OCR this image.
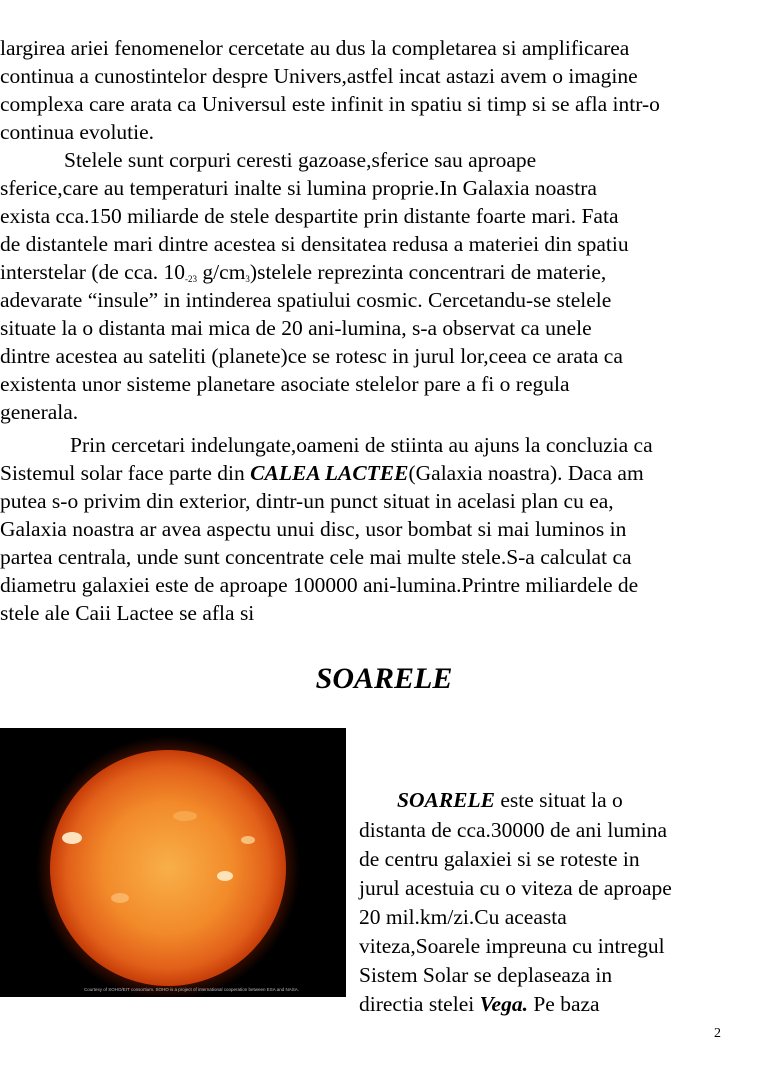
largirea ariei fenomenelor cercetate au dus la completarea si amplificarea

continua a cunostintelor despre Univers,astfel incat astazi avem o imagine

complexa care arata ca Universul este infinit in spatiu si timp si se afla intr-o

continua evolutie.

Stelele sunt corpuri ceresti gazoase,sferice sau aproape

sferice,care au temperaturi inalte si lumina proprie.In Galaxia noastra

exista cca.150 miliarde de stele despartite prin distante foarte mari. Fata

de distantele mari dintre acestea si densitatea redusa a materiei din spatiu

interstelar (de cca. $10_{-23}$ $g/cm_3)stelele$ reprezinta concentrari de materie,

adevarate “insule” in intinderea spatiului cosmic. Cercetandu-se stelele

situate la o distanta mai mica de 20 ani-lumina, s-a observat ca unele

dintre acestea au sateliti (planete)ce se rotesc in jurul lor,ceea ce arata ca

existenta unor sisteme planetare asociate stelelor pare a fi o regula

generala.

Prin cercetari indelungate,oameni de stiinta au ajuns la concluzia ca

Sistemul solar face parte din CALEA LACTEE(Galaxia noastra). Daca am

putea s-o privim din exterior, dintr-un punct situat in acelasi plan cu ea,

Galaxia noastra ar avea aspectu unui disc, usor bombat si mai luminos in

partea centrala, unde sunt concentrate cele mai multe stele.S-a calculat ca

diametru galaxiei este de aproape 100000 ani-lumina.Printre miliardele de

stele ale Caii Lactee se afla si

SOAREL​E
Courtesy of SOHO/EIT consortium. SOHO is a project of international cooperation between ESA and NASA.

SOARELE este situat la o

distanta de cca.30000 de ani lumina

de centru galaxiei si se roteste in

jurul acestuia cu o viteza de aproape

20 mil.km/zi.Cu aceasta

viteza,Soarele impreuna cu intregul

Sistem Solar se deplaseaza in

directia stelei Vega. Pe baza

2
